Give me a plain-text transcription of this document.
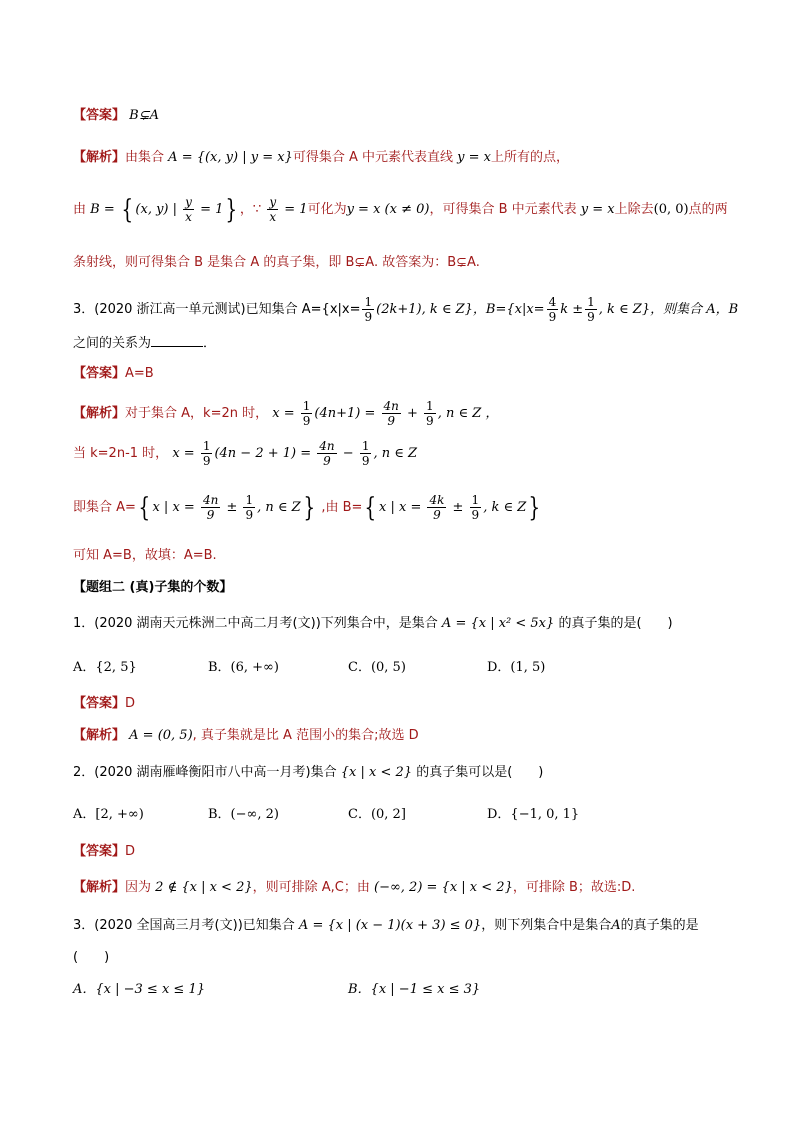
【答案】 B⊊A
【解析】由集合 A = {(x, y) | y = x}可得集合 A 中元素代表直线 y = x上所有的点，
由 B = { (x, y) | $\frac{y}{x} = 1$} ，∵ $\frac{y}{x} = 1$可化为y = x (x ≠ 0)，可得集合 B 中元素代表 y = x上除去(0, 0)点的两
条射线，则可得集合 B 是集合 A 的真子集，即 B⊊A. 故答案为：B⊊A.
3．(2020 浙江高一单元测试)已知集合 $A=\{x|x= \frac{1}{9} (2k+1)$, k ∈ Z}，$B=\{x|x= \frac{4}{9}$ $k \pm \frac{1}{9}$ , k ∈ Z}，则集合 A，B
之间的关系为	．
【答案】A=B
【解析】对于集合 A，k=2n 时， $x = \frac{1}{9} (4n+1) = \frac{4n}{9} + \frac{1}{9}$ , n ∈ Z ，
当 k=2n-1 时， $x = \frac{1}{9} (4n - 2 + 1) = \frac{4n}{9} - \frac{1}{9}$ , n ∈ Z
即集合 A={ x | $x = \frac{4n}{9} \pm \frac{1}{9}$ , n ∈ Z} ,由 B={ x | $x = \frac{4k}{9} \pm \frac{1}{9}$ , k ∈ Z}
可知 A=B，故填：A=B.
【题组二 (真)子集的个数】
1．(2020 湖南天元株洲二中高二月考(文))下列集合中，是集合 A = {x | x² < 5x} 的真子集的是(　　)
A．{2, 5}	B．(6, +∞)	C．(0, 5)	D．(1, 5)
【答案】D
【解析】 A = (0, 5), 真子集就是比 A 范围小的集合;故选 D
2．(2020 湖南雁峰衡阳市八中高一月考)集合 {x | x < 2} 的真子集可以是(　　)
A．[2, +∞)	B．(−∞, 2)	C．(0, 2]	D．{−1, 0, 1}
【答案】D
【解析】因为 2 ∉ {x | x < 2}，则可排除 A,C；由 (−∞, 2) = {x | x < 2}，可排除 B；故选:D.
3．(2020 全国高三月考(文))已知集合 A = {x | (x − 1)(x + 3) ≤ 0}，则下列集合中是集合A的真子集的是
(　　)
A．{x | −3 ≤ x ≤ 1}	B．{x | −1 ≤ x ≤ 3}
